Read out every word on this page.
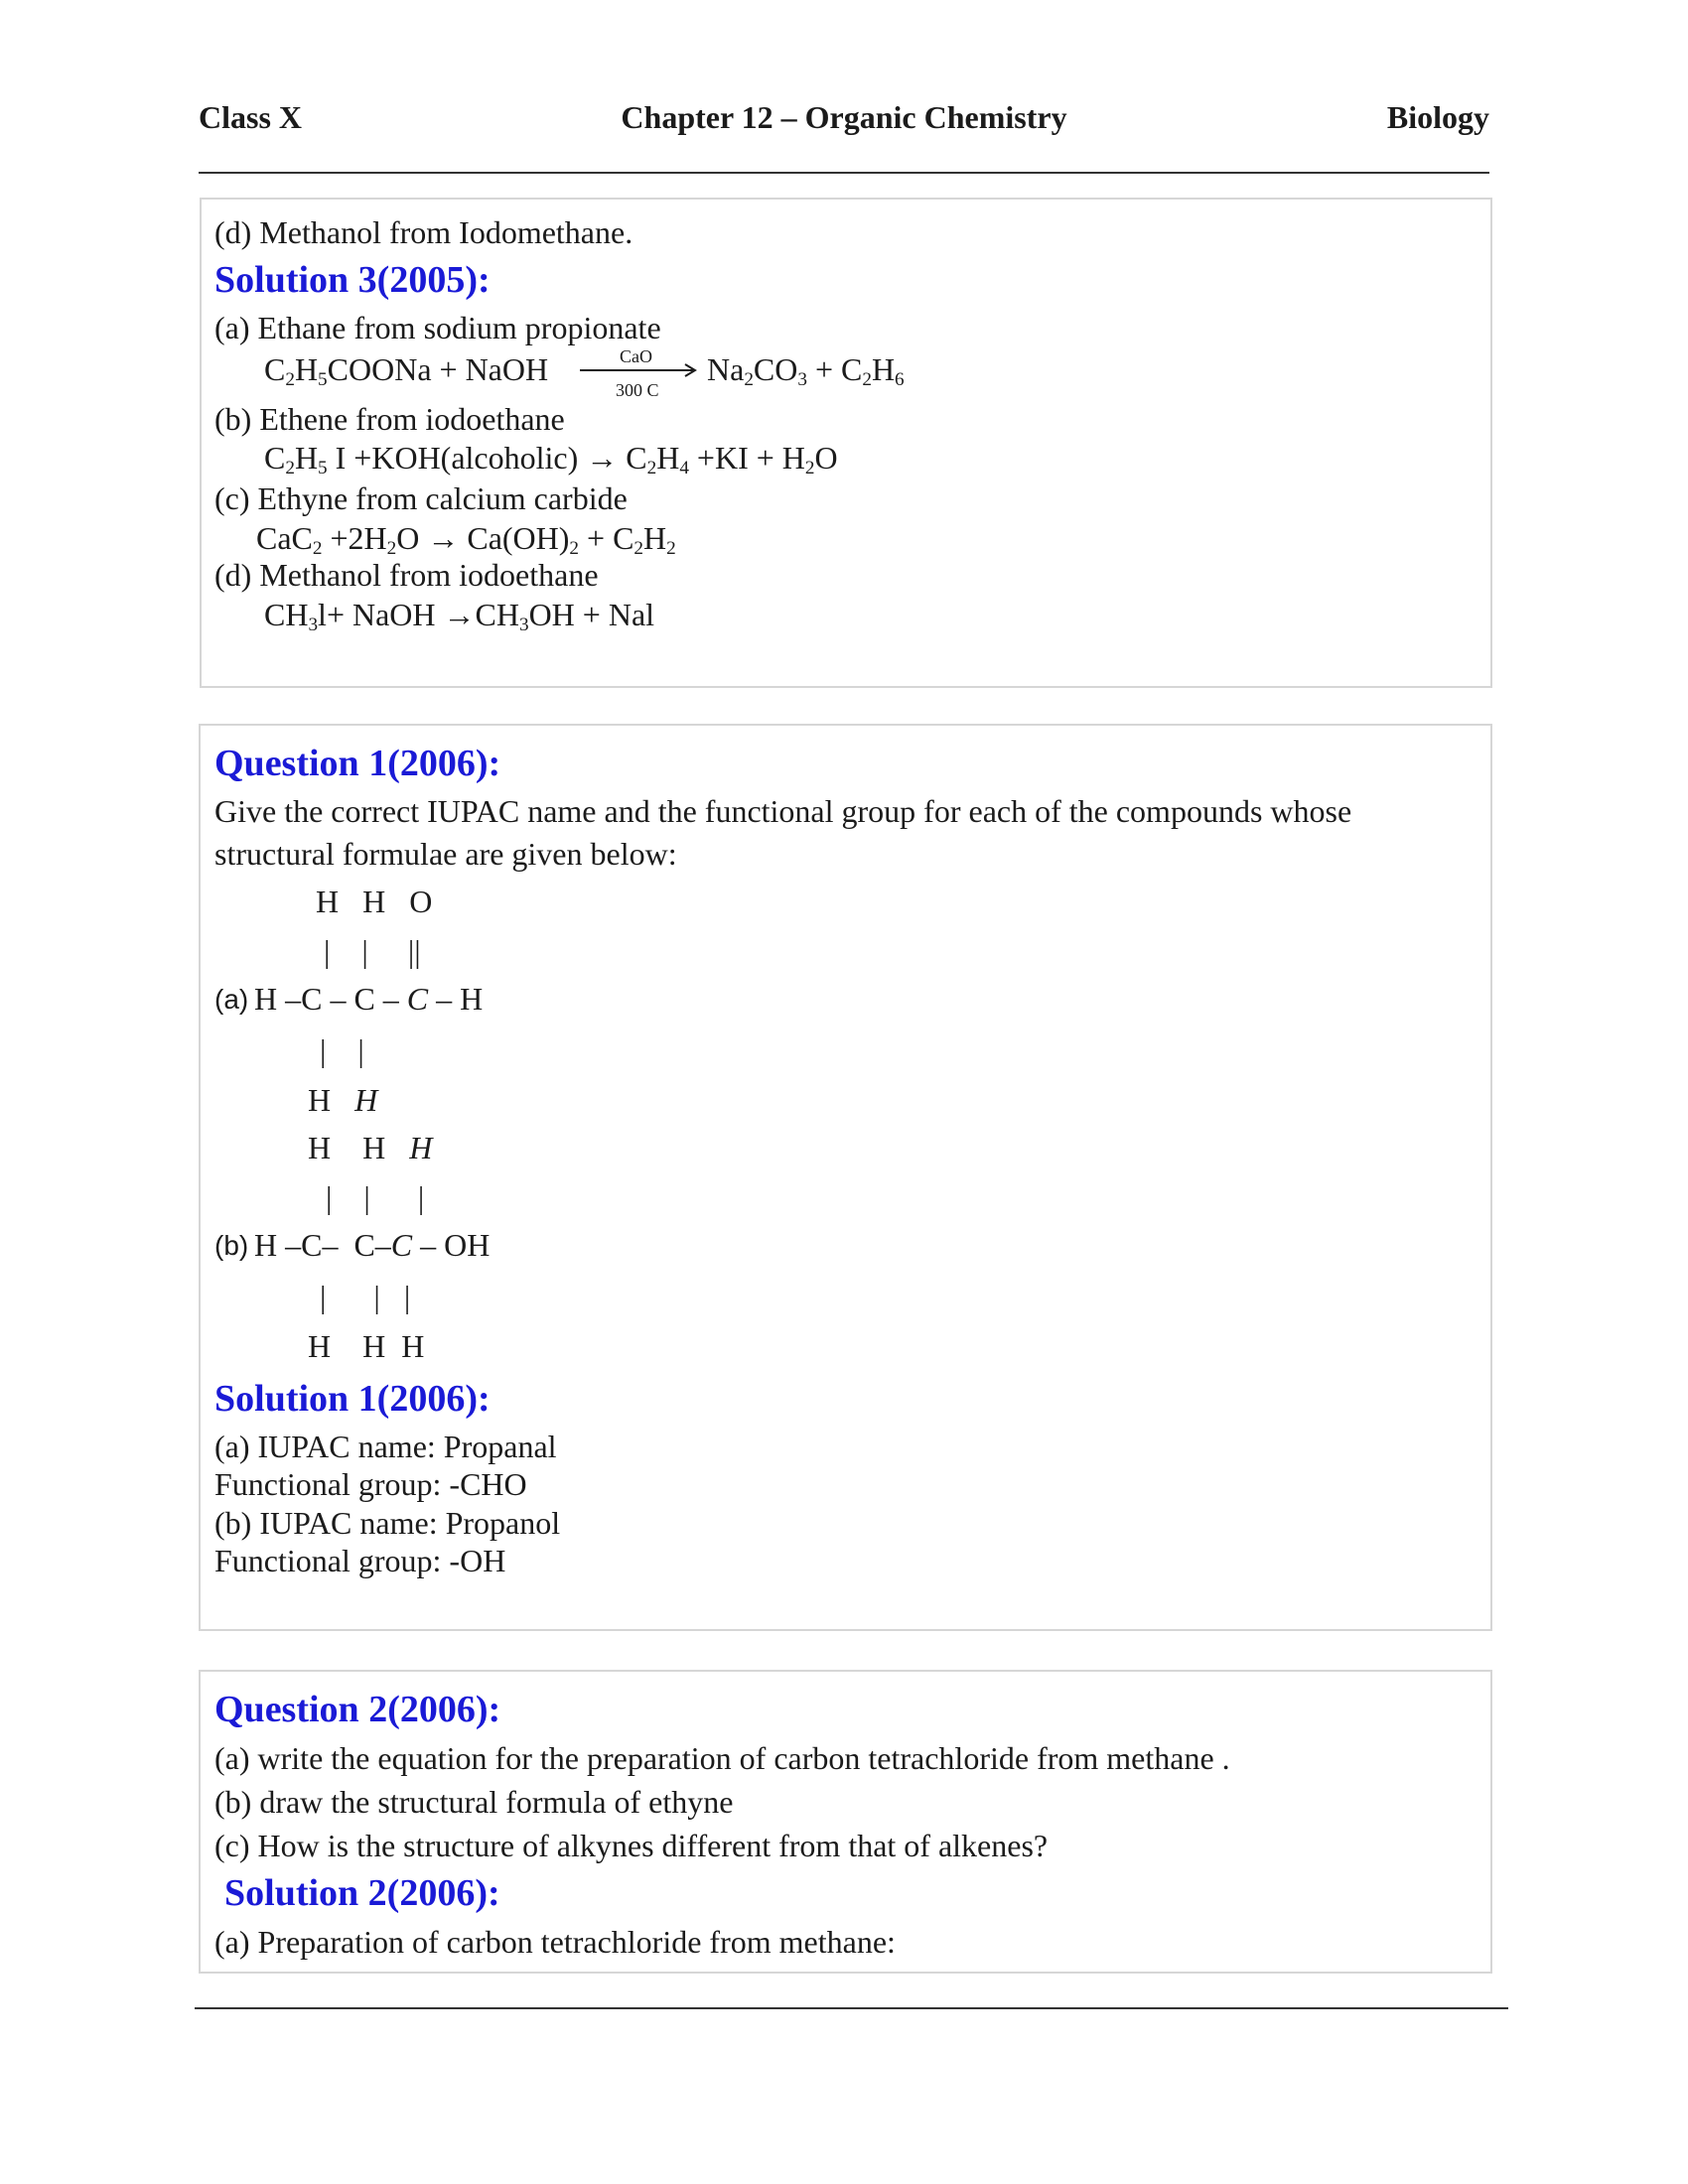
Class X	Chapter 12 – Organic Chemistry	Biology
(d) Methanol from Iodomethane.
Solution 3(2005):
(a) Ethane from sodium propionate
$C_2H_5COONa$ + NaOH	CaO
300 C
$Na_2CO_3 + C_2H_6$
(b) Ethene from iodoethane
$C_2H_5$ I +KOH(alcoholic) → $C_2H_4 +KI + H_2O$
(c) Ethyne from calcium carbide
$CaC_2 +2H_2O \to Ca(OH)_2 + C_2H_2$
(d) Methanol from iodoethane
$CH_3l+$ NaOH $\to CH_3OH$ + Nal
Question 1(2006):
Give the correct IUPAC name and the functional group for each of the compounds whose
structural formulae are given below:
H   H   O
|    |     ||
(a) H –C – C – C – H
|    |
H H
H    H H
|    |      |
(b) H –C–  C–C – OH
|      |   |
H    H  H
Solution 1(2006):
(a) IUPAC name: Propanal
Functional group: -CHO
(b) IUPAC name: Propanol
Functional group: -OH
Question 2(2006):
(a) write the equation for the preparation of carbon tetrachloride from methane .
(b) draw the structural formula of ethyne
(c) How is the structure of alkynes different from that of alkenes?
Solution 2(2006):
(a) Preparation of carbon tetrachloride from methane:
